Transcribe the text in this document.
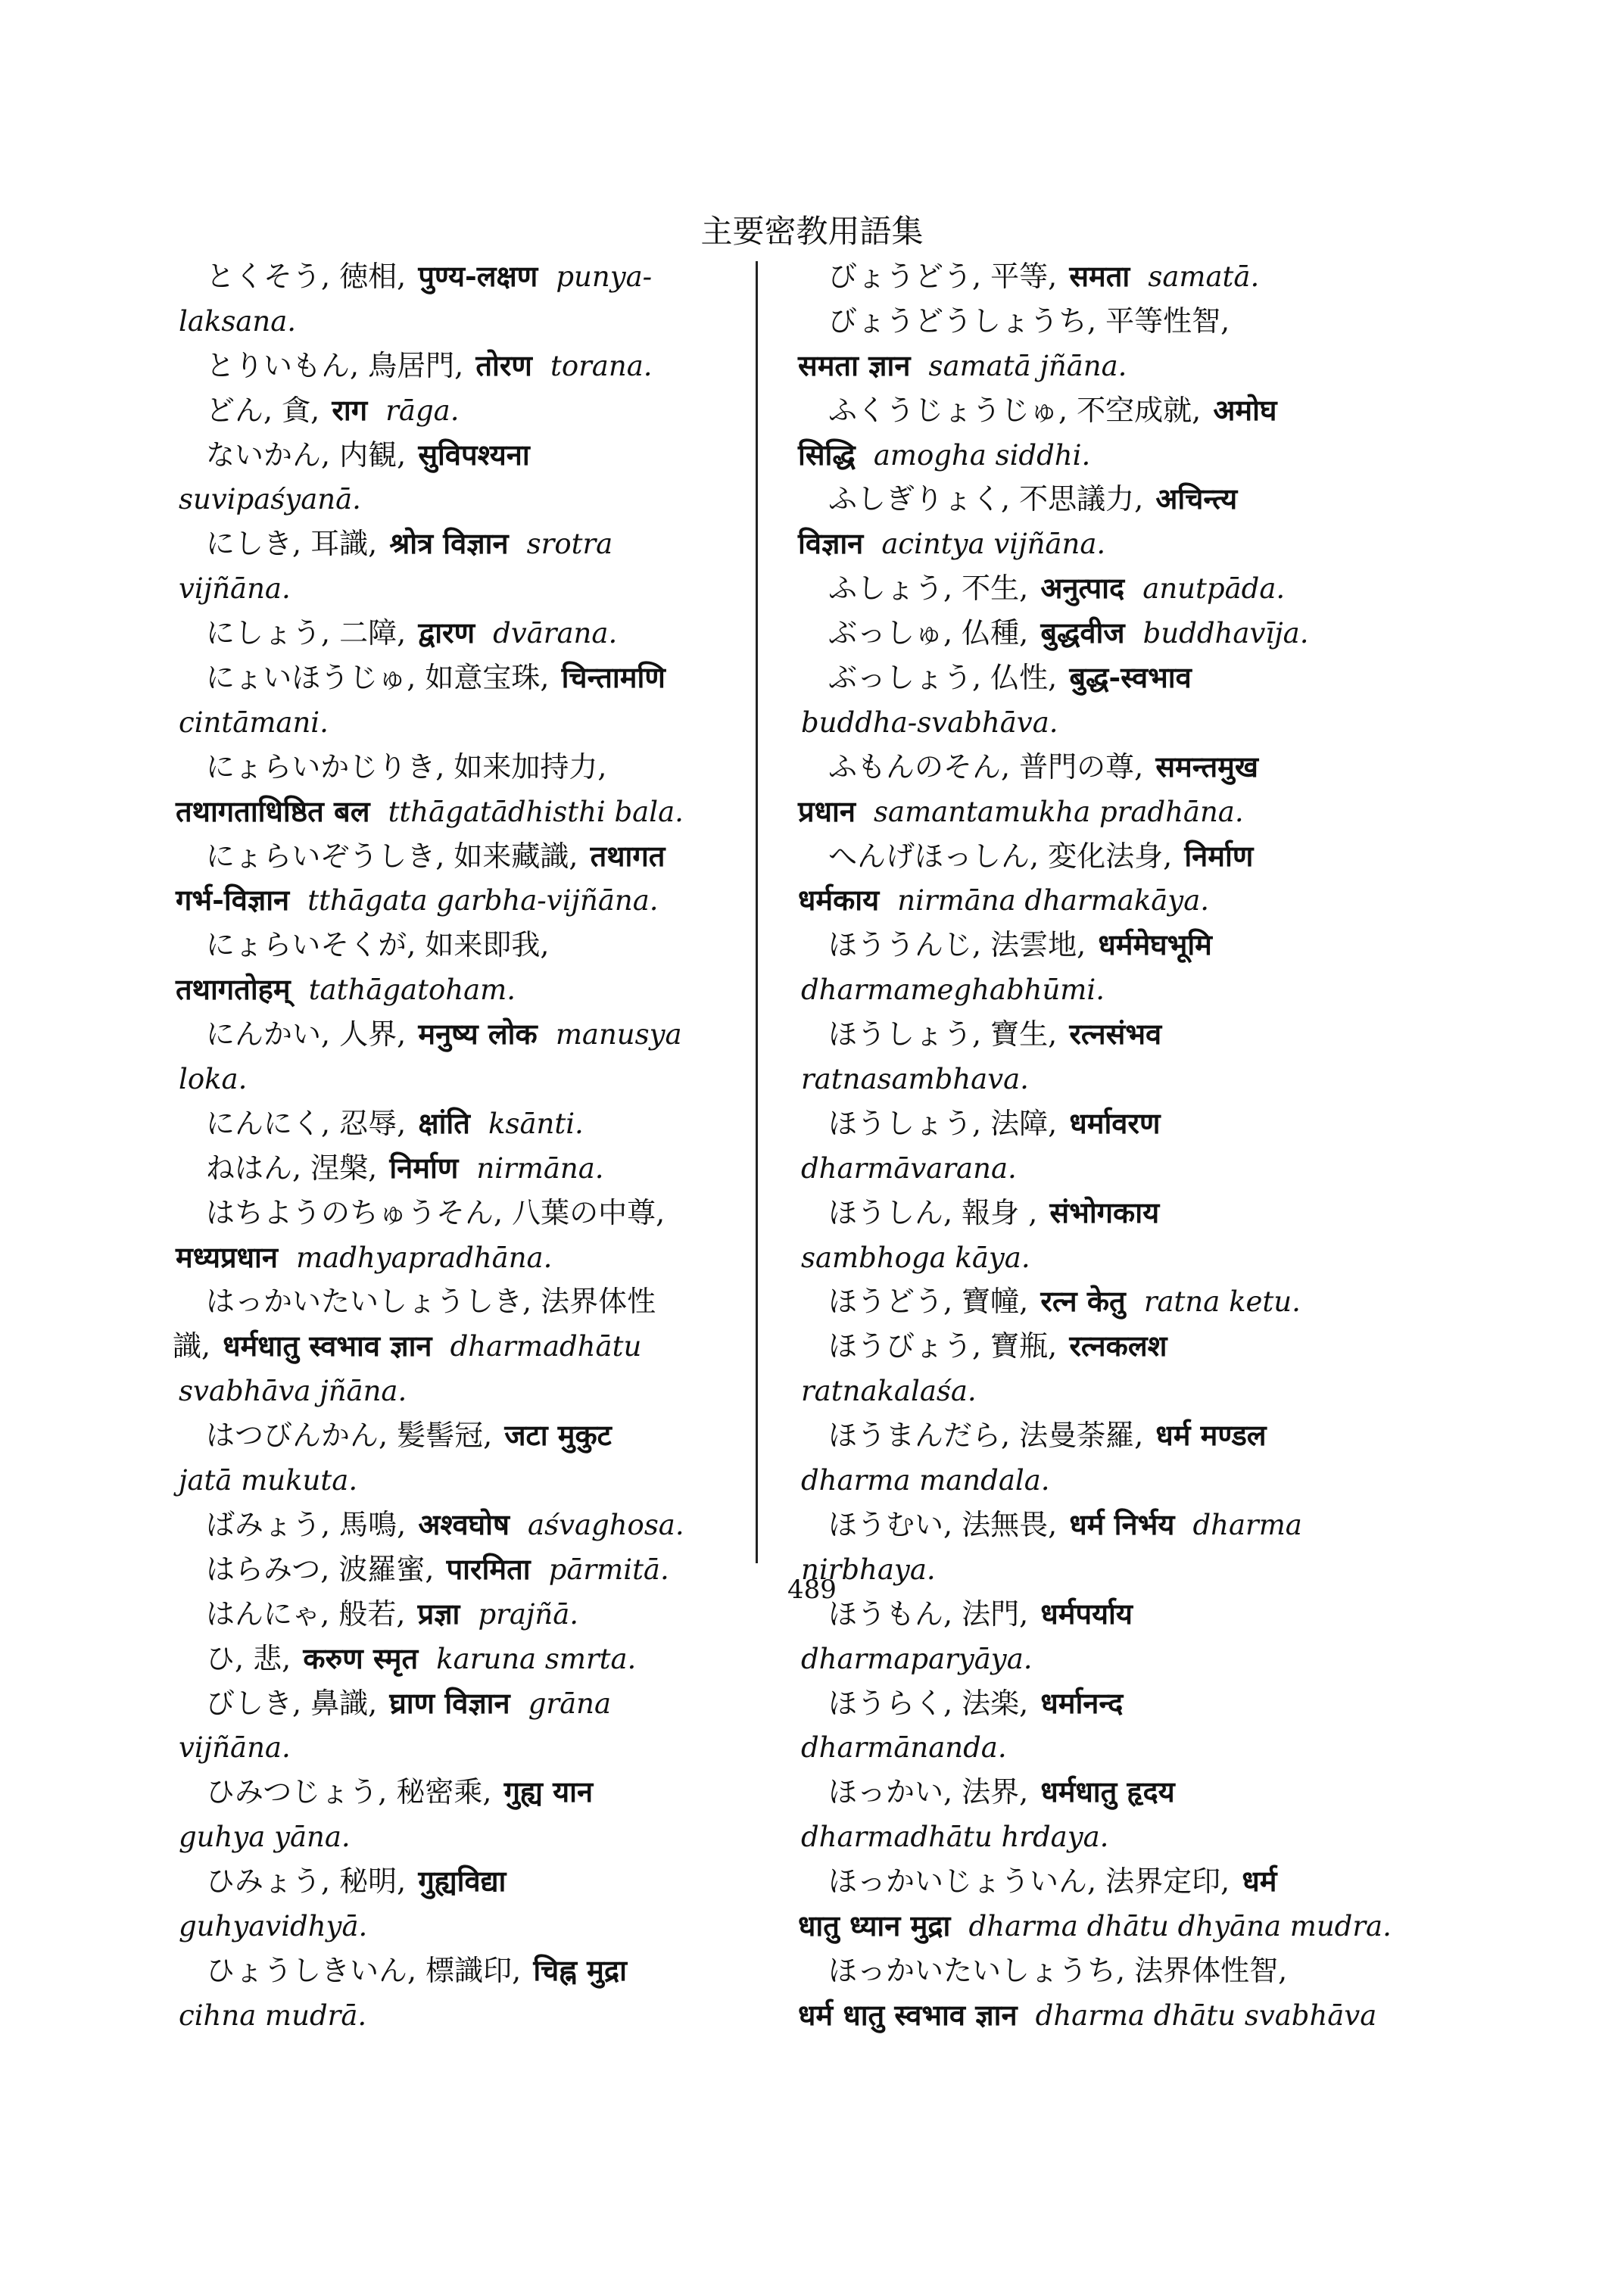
主要密教用語集
とくそう, 徳相, पुण्य-लक्षण punya-
laksana.
とりいもん, 鳥居門, तोरण torana.
どん, 貪, राग rāga.
ないかん, 内観, सुविपश्यना
suvipaśyanā.
にしき, 耳識, श्रोत्र विज्ञान srotra
vijñāna.
にしょう, 二障, द्वारण dvārana.
にょいほうじゅ, 如意宝珠, चिन्तामणि
cintāmani.
にょらいかじりき, 如来加持力,
तथागताधिष्ठित बल tthāgatādhisthi bala.
にょらいぞうしき, 如来藏識, तथागत
गर्भ-विज्ञान tthāgata garbha-vijñāna.
にょらいそくが, 如来即我,
तथागतोहम् tathāgatoham.
にんかい, 人界, मनुष्य लोक manusya
loka.
にんにく, 忍辱, क्षांति ksānti.
ねはん, 涅槃, निर्माण nirmāna.
はちようのちゅうそん, 八葉の中尊,
मध्यप्रधान madhyapradhāna.
はっかいたいしょうしき, 法界体性
識, धर्मधातु स्वभाव ज्ञान dharmadhātu
svabhāva jñāna.
はつびんかん, 髪髻冠, जटा मुकुट
jatā mukuta.
ばみょう, 馬鳴, अश्वघोष aśvaghosa.
はらみつ, 波羅蜜, पारमिता pārmitā.
はんにゃ, 般若, प्रज्ञा prajñā.
ひ, 悲, करुण स्मृत karuna smrta.
びしき, 鼻識, घ्राण विज्ञान grāna
vijñāna.
ひみつじょう, 秘密乘, गुह्य यान
guhya yāna.
ひみょう, 秘明, गुह्यविद्या
guhyavidhyā.
ひょうしきいん, 標識印, चिह्न मुद्रा
cihna mudrā.
びょうどう, 平等, समता samatā.
びょうどうしょうち, 平等性智,
समता ज्ञान samatā jñāna.
ふくうじょうじゅ, 不空成就, अमोघ
सिद्धि amogha siddhi.
ふしぎりょく, 不思議力, अचिन्त्य
विज्ञान acintya vijñāna.
ふしょう, 不生, अनुत्पाद anutpāda.
ぶっしゅ, 仏種, बुद्धवीज buddhavīja.
ぶっしょう, 仏性, बुद्ध-स्वभाव
buddha-svabhāva.
ふもんのそん, 普門の尊, समन्तमुख
प्रधान samantamukha pradhāna.
へんげほっしん, 変化法身, निर्माण
धर्मकाय nirmāna dharmakāya.
ほううんじ, 法雲地, धर्ममेघभूमि
dharmameghabhūmi.
ほうしょう, 寶生, रत्नसंभव
ratnasambhava.
ほうしょう, 法障, धर्मावरण
dharmāvarana.
ほうしん, 報身 , संभोगकाय
sambhoga kāya.
ほうどう, 寶幢, रत्न केतु ratna ketu.
ほうびょう, 寶瓶, रत्नकलश
ratnakalaśa.
ほうまんだら, 法曼荼羅, धर्म मण्डल
dharma mandala.
ほうむい, 法無畏, धर्म निर्भय dharma
nirbhaya.
ほうもん, 法門, धर्मपर्याय
dharmaparyāya.
ほうらく, 法楽, धर्मानन्द
dharmānanda.
ほっかい, 法界, धर्मधातु हृदय
dharmadhātu hrdaya.
ほっかいじょういん, 法界定印, धर्म
धातु ध्यान मुद्रा dharma dhātu dhyāna mudra.
ほっかいたいしょうち, 法界体性智,
धर्म धातु स्वभाव ज्ञान dharma dhātu svabhāva
489
